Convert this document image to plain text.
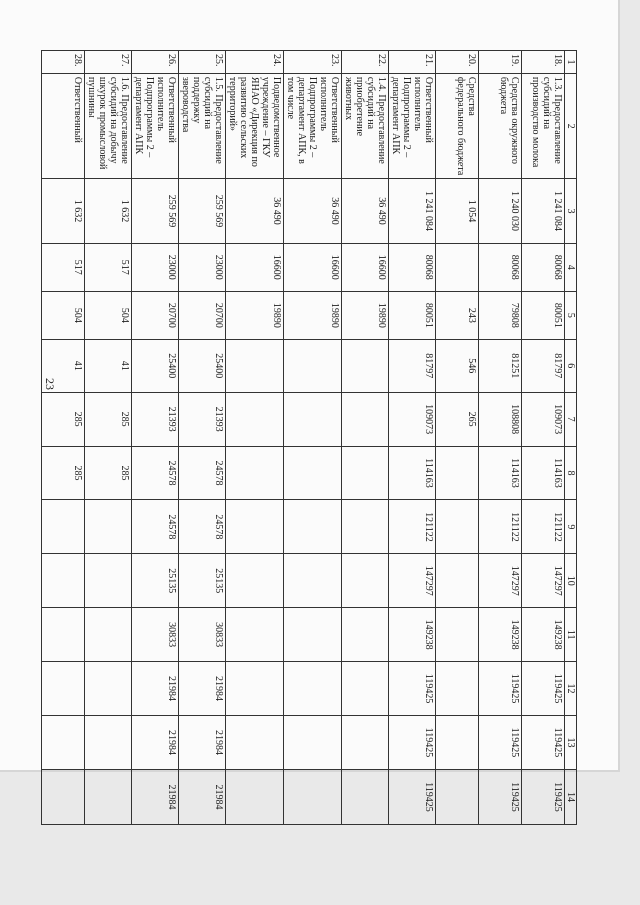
23
1	2	3	4	5	6	7	8	9	10	11	12	13	14
18.	1.3. Предоставление субсидий на производство молока	1 241 084	80068	80051	81797	109073	114163	121122	147297	149238	119425	119425	119425
19.	Средства окружного бюджета	1 240 030	80068	79808	81251	108808	114163	121122	147297	149238	119425	119425	119425
20.	Средства федерального бюджета	1 054		243	546	265							
21.	Ответственный исполнитель Подпрограммы 2 – департамент АПК	1 241 084	80068	80051	81797	109073	114163	121122	147297	149238	119425	119425	119425
22.	1.4. Предоставление субсидий на приобретение животных	36 490	16600	19890									
23.	Ответственный исполнитель Подпрограммы 2 – департамент АПК, в том числе	36 490	16600	19890									
24.	Подведомственное учреждение – ГКУ ЯНАО «Дирекция по развитию сельских территорий»	36 490	16600	19890									
25.	1.5. Предоставление субсидий на поддержку звероводства	259 569	23000	20700	25400	21393	24578	24578	25135	30833	21984	21984	21984
26.	Ответственный исполнитель Подпрограммы 2 – департамент АПК	259 569	23000	20700	25400	21393	24578	24578	25135	30833	21984	21984	21984
27.	1.6. Предоставление субсидий на добычу шкурок промысловой пушнины	1 632	517	504	41	285	285						
28.	Ответственный	1 632	517	504	41	285	285						
